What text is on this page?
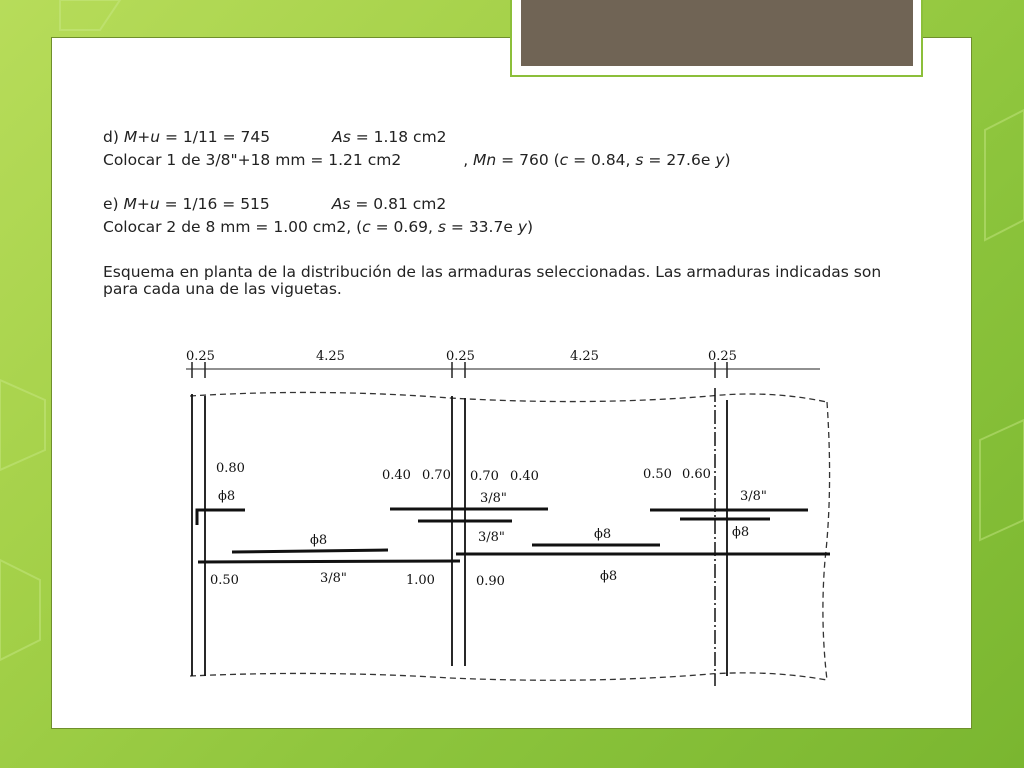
d) M+u = 1/11 = 745	As = 1.18 cm2
Colocar 1 de 3/8"+18 mm = 1.21 cm2	, Mn = 760 (c = 0.84, s = 27.6e y)
e) M+u = 1/16 = 515	As = 0.81 cm2
Colocar 2 de 8 mm = 1.00 cm2, (c = 0.69, s = 33.7e y)
Esquema en planta de la distribución de las armaduras seleccionadas. Las armaduras indicadas son para cada una de las viguetas.
0.25	4.25	0.25	4.25	0.25
0.80
ϕ8
0.50
ϕ8
3/8"	1.00
0.40 0.70 0.70 0.40
3/8"
3/8"
0.90
ϕ8
ϕ8
0.50 0.60
3/8"
ϕ8
